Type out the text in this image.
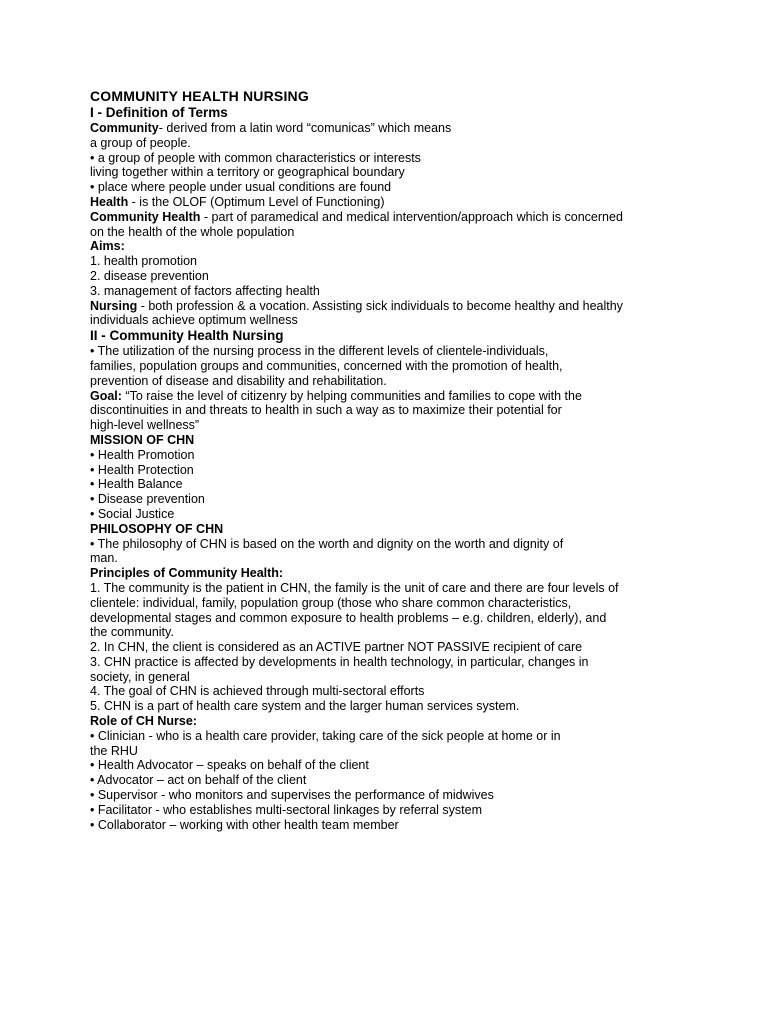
COMMUNITY HEALTH NURSING
I - Definition of Terms
Community- derived from a latin word “comunicas” which means
a group of people.
• a group of people with common characteristics or interests
living together within a territory or geographical boundary
• place where people under usual conditions are found
Health - is the OLOF (Optimum Level of Functioning)
Community Health - part of paramedical and medical intervention/approach which is concerned
on the health of the whole population
Aims:
1. health promotion
2. disease prevention
3. management of factors affecting health
Nursing - both profession & a vocation. Assisting sick individuals to become healthy and healthy
individuals achieve optimum wellness
II - Community Health Nursing
• The utilization of the nursing process in the different levels of clientele-individuals,
families, population groups and communities, concerned with the promotion of health,
prevention of disease and disability and rehabilitation.
Goal: “To raise the level of citizenry by helping communities and families to cope with the
discontinuities in and threats to health in such a way as to maximize their potential for
high-level wellness”
MISSION OF CHN
• Health Promotion
• Health Protection
• Health Balance
• Disease prevention
• Social Justice
PHILOSOPHY OF CHN
• The philosophy of CHN is based on the worth and dignity on the worth and dignity of
man.
Principles of Community Health:
1. The community is the patient in CHN, the family is the unit of care and there are four levels of
clientele: individual, family, population group (those who share common characteristics,
developmental stages and common exposure to health problems – e.g. children, elderly), and
the community.
2. In CHN, the client is considered as an ACTIVE partner NOT PASSIVE recipient of care
3. CHN practice is affected by developments in health technology, in particular, changes in
society, in general
4. The goal of CHN is achieved through multi-sectoral efforts
5. CHN is a part of health care system and the larger human services system.
Role of CH Nurse:
• Clinician - who is a health care provider, taking care of the sick people at home or in
the RHU
• Health Advocator – speaks on behalf of the client
• Advocator – act on behalf of the client
• Supervisor - who monitors and supervises the performance of midwives
• Facilitator - who establishes multi-sectoral linkages by referral system
• Collaborator – working with other health team member
